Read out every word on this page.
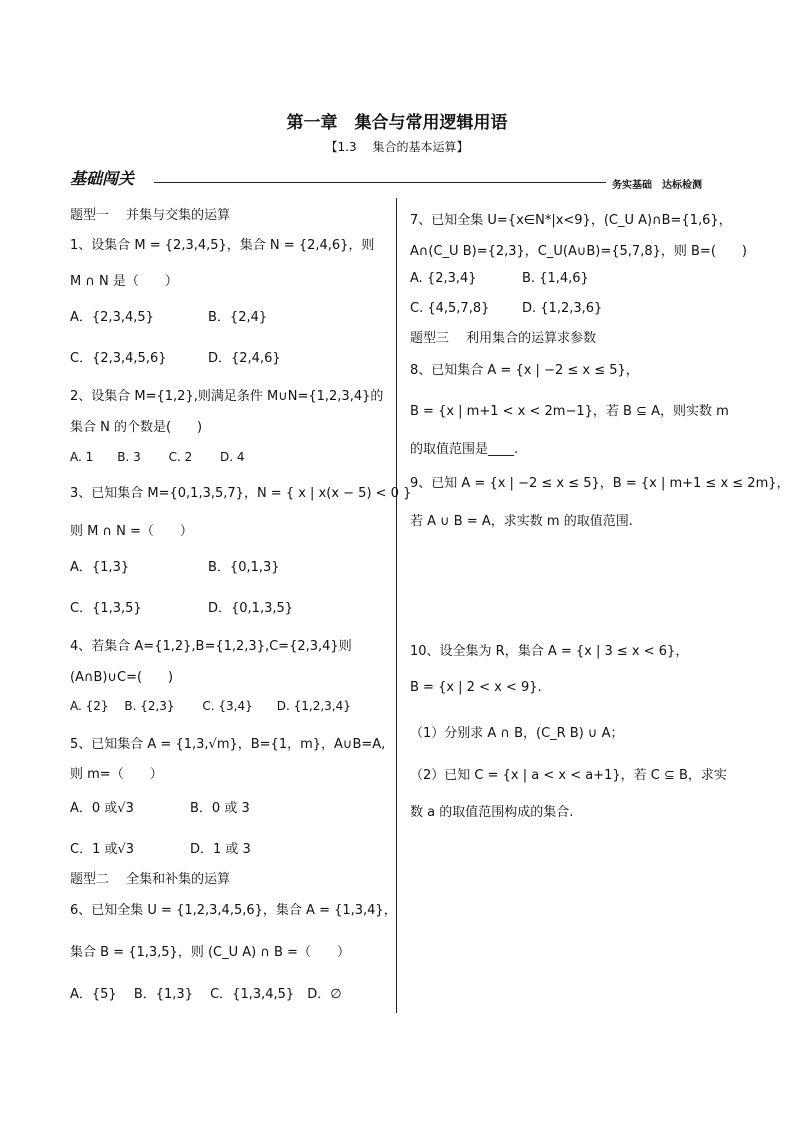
第一章　集合与常用逻辑用语
【1.3　 集合的基本运算】
基础闯关	务实基础　达标检测
题型一　 并集与交集的运算
1、设集合 M = {2,3,4,5}，集合 N = {2,4,6}，则
M ∩ N 是（　　）
A．{2,3,4,5}	B．{2,4}
C．{2,3,4,5,6}	D．{2,4,6}
2、设集合 M={1,2},则满足条件 M∪N={1,2,3,4}的
集合 N 的个数是(　　)
A. 1　　B. 3　　 C. 2　　 D. 4
3、已知集合 M={0,1,3,5,7}，N = { x | x(x − 5) < 0 }
则 M ∩ N =（　　）
A．{1,3}	B．{0,1,3}
C．{1,3,5}	D．{0,1,3,5}
4、若集合 A={1,2},B={1,2,3},C={2,3,4}则
(A∩B)∪C=(　　)
A. {2}　 B. {2,3}　　 C. {3,4}　　D. {1,2,3,4}
5、已知集合 A = {1,3,√m}，B={1，m}，A∪B=A,
则 m=（　　）
A．0 或√3	B．0 或 3
C．1 或√3	D．1 或 3
题型二　 全集和补集的运算
6、已知全集 U = {1,2,3,4,5,6}，集合 A = {1,3,4}，
集合 B = {1,3,5}，则 (C_U A) ∩ B =（　　）
A．{5}　 B．{1,3}　 C．{1,3,4,5}　D．∅
7、已知全集 U={x∈N*|x<9}，(C_U A)∩B={1,6}，
A∩(C_U B)={2,3}，C_U(A∪B)={5,7,8}，则 B=(　　)
A. {2,3,4}	B. {1,4,6}
C. {4,5,7,8}	D. {1,2,3,6}
题型三　 利用集合的运算求参数
8、已知集合 A = {x | −2 ≤ x ≤ 5}，
B = {x | m+1 < x < 2m−1}，若 B ⊆ A，则实数 m
的取值范围是____.
9、已知 A = {x | −2 ≤ x ≤ 5}，B = {x | m+1 ≤ x ≤ 2m}，
若 A ∪ B = A，求实数 m 的取值范围.
10、设全集为 R，集合 A = {x | 3 ≤ x < 6}，
B = {x | 2 < x < 9}.
（1）分别求 A ∩ B，(C_R B) ∪ A；
（2）已知 C = {x | a < x < a+1}，若 C ⊆ B，求实
数 a 的取值范围构成的集合.
